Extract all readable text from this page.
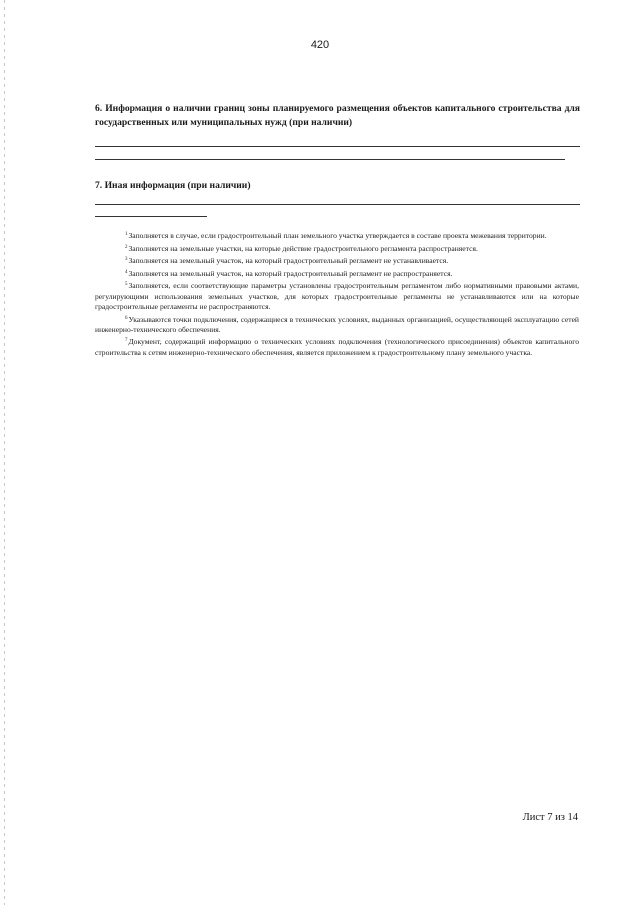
420

6. Информация о наличии границ зоны планируемого размещения объектов капитального строительства для государственных или муниципальных нужд (при наличии)

7. Иная информация (при наличии)

$^1$Заполняется в случае, если градостроительный план земельного участка утверждается в составе проекта межевания территории.

$^2$Заполняется на земельные участки, на которые действие градостроительного регламента распространяется.

$^3$Заполняется на земельный участок, на который градостроительный регламент не устанавливается.

$^4$Заполняется на земельный участок, на который градостроительный регламент не распространяется.

$^5$Заполняется, если соответствующие параметры установлены градостроительным регламентом либо нормативными правовыми актами, регулирующими использования земельных участков, для которых градостроительные регламенты не устанавливаются или на которые градостроительные регламенты не распространяются.

$^6$Указываются точки подключения, содержащиеся в технических условиях, выданных организацией, осуществляющей эксплуатацию сетей инженерно-технического обеспечения.

$^7$Документ, содержащий информацию о технических условиях подключения (технологического присоединения) объектов капитального строительства к сетям инженерно-технического обеспечения, является приложением к градостроительному плану земельного участка.

Лист 7 из 14
